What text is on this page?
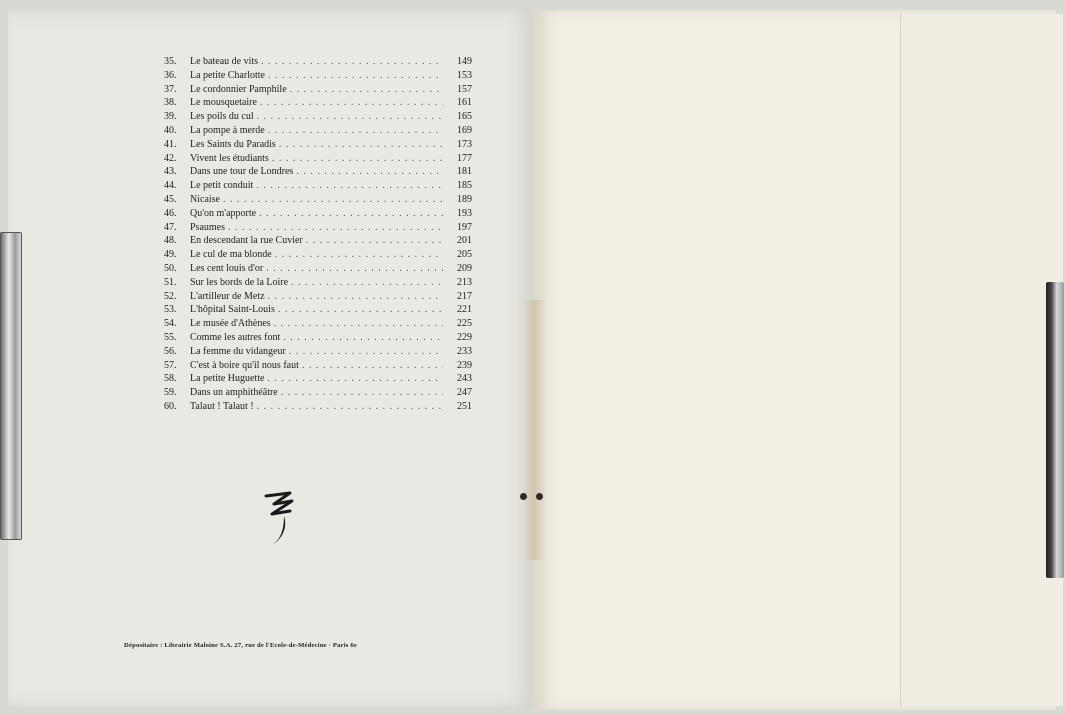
35.	Le bateau de vits . . .	149
36.	La petite Charlotte . . .	153
37.	Le cordonnier Pamphile . . .	157
38.	Le mousquetaire . . .	161
39.	Les poils du cul . . .	165
40.	La pompe à merde . . .	169
41.	Les Saints du Paradis . . .	173
42.	Vivent les étudiants . . .	177
43.	Dans une tour de Londres . . .	181
44.	Le petit conduit . . .	185
45.	Nicaise . . .	189
46.	Qu'on m'apporte . . .	193
47.	Psaumes . . .	197
48.	En descendant la rue Cuvier . . .	201
49.	Le cul de ma blonde . . .	205
50.	Les cent louis d'or . . .	209
51.	Sur les bords de la Loire . . .	213
52.	L'artilleur de Metz . . .	217
53.	L'hôpital Saint-Louis . . .	221
54.	Le musée d'Athènes . . .	225
55.	Comme les autres font . . .	229
56.	La femme du vidangeur . . .	233
57.	C'est à boire qu'il nous faut . . .	239
58.	La petite Huguette . . .	243
59.	Dans un amphithéâtre . . .	247
60.	Talaut ! Talaut ! . . .	251
Dépositaire : Librairie Maloine S.A. 27, rue de l'Ecole-de-Médecine · Paris 6e
